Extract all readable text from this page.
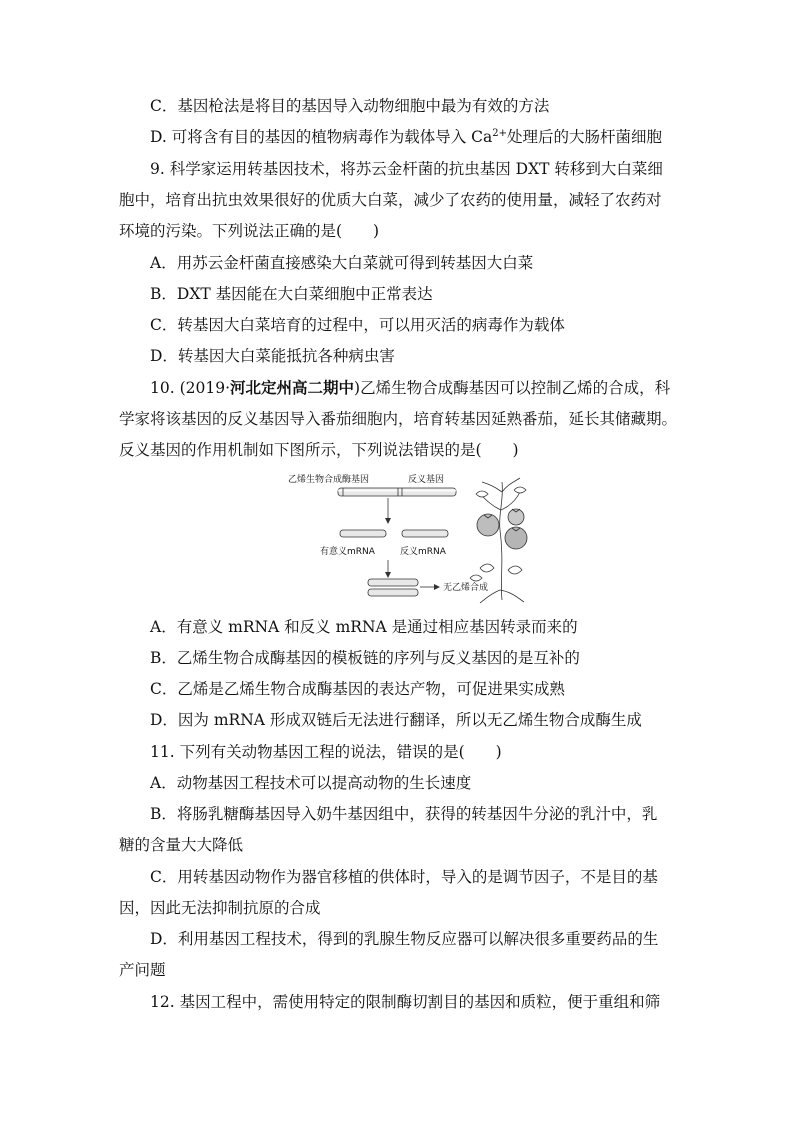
C．基因枪法是将目的基因导入动物细胞中最为有效的方法
D. 可将含有目的基因的植物病毒作为载体导入 $Ca^{2+}$处理后的大肠杆菌细胞
9. 科学家运用转基因技术，将苏云金杆菌的抗虫基因 DXT 转移到大白菜细
胞中，培育出抗虫效果很好的优质大白菜，减少了农药的使用量，减轻了农药对
环境的污染。下列说法正确的是(　　)
A．用苏云金杆菌直接感染大白菜就可得到转基因大白菜
B．DXT 基因能在大白菜细胞中正常表达
C．转基因大白菜培育的过程中，可以用灭活的病毒作为载体
D．转基因大白菜能抵抗各种病虫害
10. (2019·河北定州高二期中)乙烯生物合成酶基因可以控制乙烯的合成，科
学家将该基因的反义基因导入番茄细胞内，培育转基因延熟番茄，延长其储藏期。
反义基因的作用机制如下图所示，下列说法错误的是(　　)
乙烯生物合成酶基因	反义基因
有意义mRNA	反义mRNA
无乙烯合成
A．有意义 mRNA 和反义 mRNA 是通过相应基因转录而来的
B．乙烯生物合成酶基因的模板链的序列与反义基因的是互补的
C．乙烯是乙烯生物合成酶基因的表达产物，可促进果实成熟
D．因为 mRNA 形成双链后无法进行翻译，所以无乙烯生物合成酶生成
11. 下列有关动物基因工程的说法，错误的是(　　)
A．动物基因工程技术可以提高动物的生长速度
B．将肠乳糖酶基因导入奶牛基因组中，获得的转基因牛分泌的乳汁中，乳
糖的含量大大降低
C．用转基因动物作为器官移植的供体时，导入的是调节因子，不是目的基
因，因此无法抑制抗原的合成
D．利用基因工程技术，得到的乳腺生物反应器可以解决很多重要药品的生
产问题
12. 基因工程中，需使用特定的限制酶切割目的基因和质粒，便于重组和筛
